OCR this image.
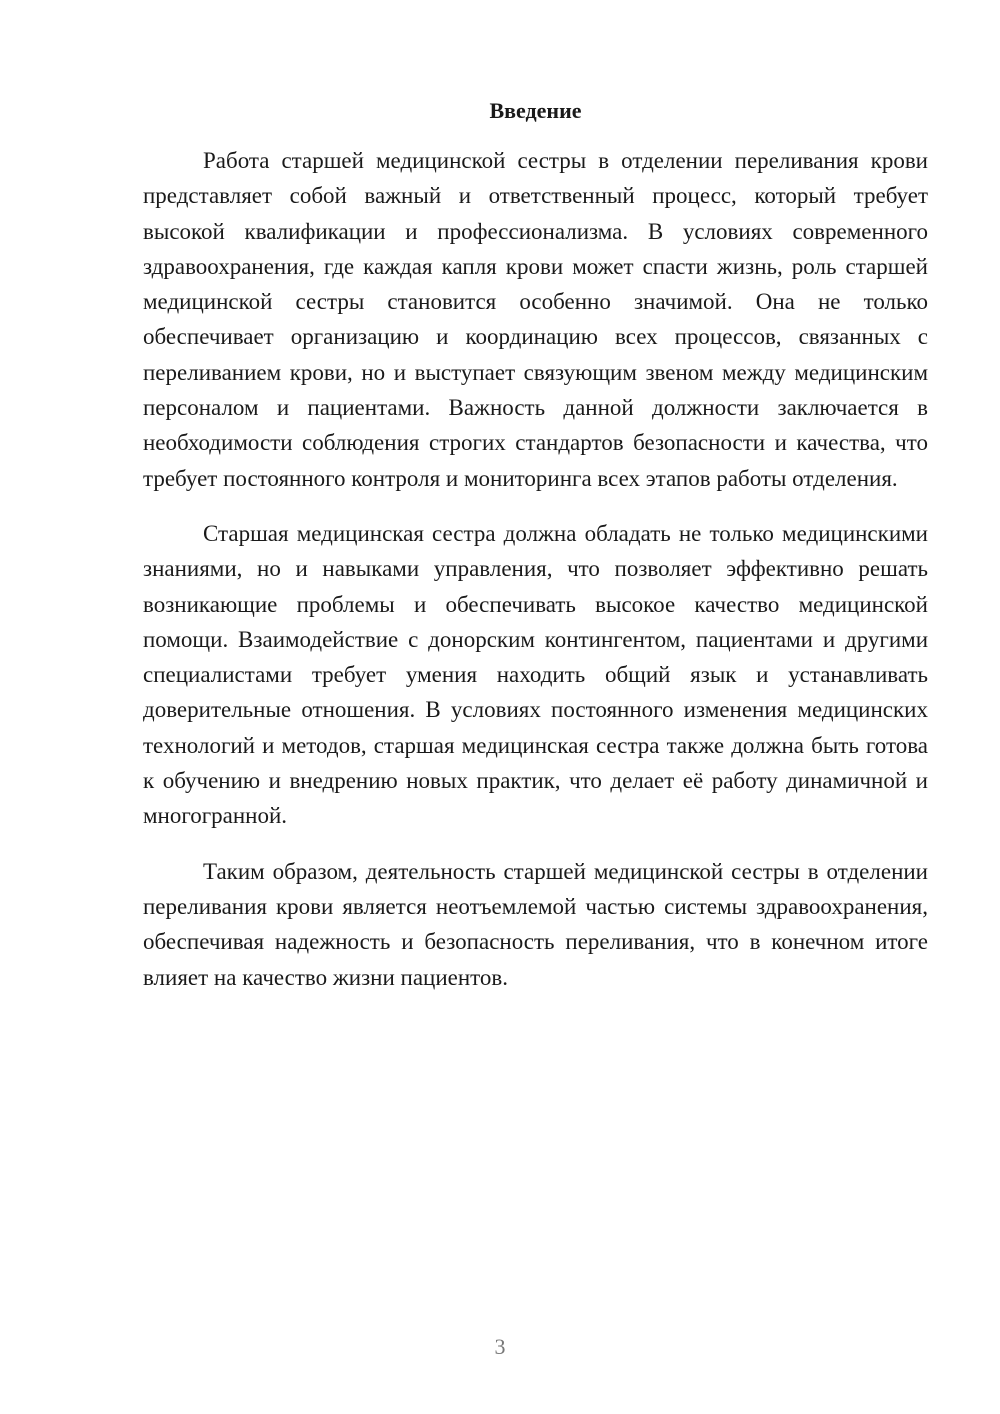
Введение

Работа старшей медицинской сестры в отделении переливания крови представляет собой важный и ответственный процесс, который требует высокой квалификации и профессионализма. В условиях современного здравоохранения, где каждая капля крови может спасти жизнь, роль старшей медицинской сестры становится особенно значимой. Она не только обеспечивает организацию и координацию всех процессов, связанных с переливанием крови, но и выступает связующим звеном между медицинским персоналом и пациентами. Важность данной должности заключается в необходимости соблюдения строгих стандартов безопасности и качества, что требует постоянного контроля и мониторинга всех этапов работы отделения.

Старшая медицинская сестра должна обладать не только медицинскими знаниями, но и навыками управления, что позволяет эффективно решать возникающие проблемы и обеспечивать высокое качество медицинской помощи. Взаимодействие с донорским контингентом, пациентами и другими специалистами требует умения находить общий язык и устанавливать доверительные отношения. В условиях постоянного изменения медицинских технологий и методов, старшая медицинская сестра также должна быть готова к обучению и внедрению новых практик, что делает её работу динамичной и многогранной.

Таким образом, деятельность старшей медицинской сестры в отделении переливания крови является неотъемлемой частью системы здравоохранения, обеспечивая надежность и безопасность переливания, что в конечном итоге влияет на качество жизни пациентов.

3
